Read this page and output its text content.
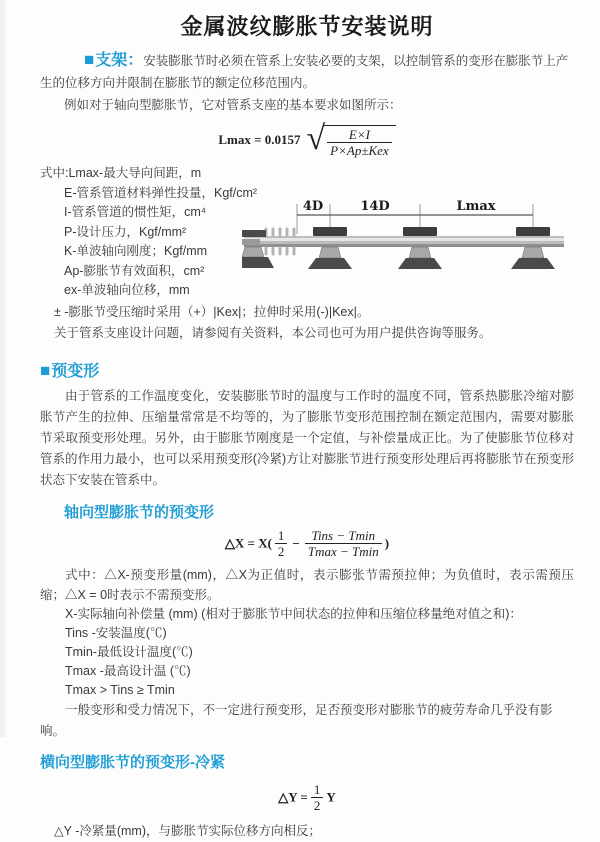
金属波纹膨胀节安装说明

■支架：安装膨胀节时必须在管系上安装必要的支架，以控制管系的变形在膨胀节上产生的位移方向并限制在膨胀节的额定位移范围内。

例如对于轴向型膨胀节，它对管系支座的基本要求如图所示：

Lmax = 0.0157 √ $\frac{E\times I}{\text{P×Ap±Kex}}$
式中:Lmax-最大导向间距，m
E-管系管道材料弹性投量，Kgf/cm²
I-管系管道的惯性矩，cm⁴
P-设计压力，Kgf/mm²
K-单波轴向刚度；Kgf/mm
Ap-膨胀节有效面积，cm²
ex-单波轴向位移，mm
4D	14D	Lmax

± -膨胀节受压缩时采用（+）|Kex|；拉伸时采用(-)|Kex|。

关于管系支座设计问题，请参阅有关资料，本公司也可为用户提供咨询等服务。

■预变形

由于管系的工作温度变化，安装膨胀节时的温度与工作时的温度不同，管系热膨胀冷缩对膨胀节产生的拉伸、压缩量常常是不均等的，为了膨胀节变形范围控制在额定范围内，需要对膨胀节采取预变形处理。另外，由于膨胀节刚度是一个定值，与补偿量成正比。为了使膨胀节位移对管系的作用力最小，也可以采用预变形(冷紧)方让对膨胀节进行预变形处理后再将膨胀节在预变形状态下安装在管系中。

轴向型膨胀节的预变形
△X = $X( \frac{1}{2} - \frac{\text{Tins − Tmin}}{Tmax - Tmin}$ )

式中：△X-预变形量(mm)，△X为正值时，表示膨张节需预拉伸；为负值时，表示需预压缩；△X = 0时表示不需预变形。

X-实际轴向补偿量 (mm) (相对于膨胀节中间状态的拉伸和压缩位移量绝对值之和)：
Tins -安装温度(℃)
Tmin-最低设计温度(℃)
Tmax -最高设计温 (℃)
Tmax > Tins ≥ Tmin

一般变形和受力情况下，不一定进行预变形，足否预变形对膨胀节的疲劳寿命几乎没有影响。

横向型膨胀节的预变形-冷紧
△Y = $\frac{1}{2}$ Y

△Y -冷紧量(mm)，与膨胀节实际位移方向相反；
